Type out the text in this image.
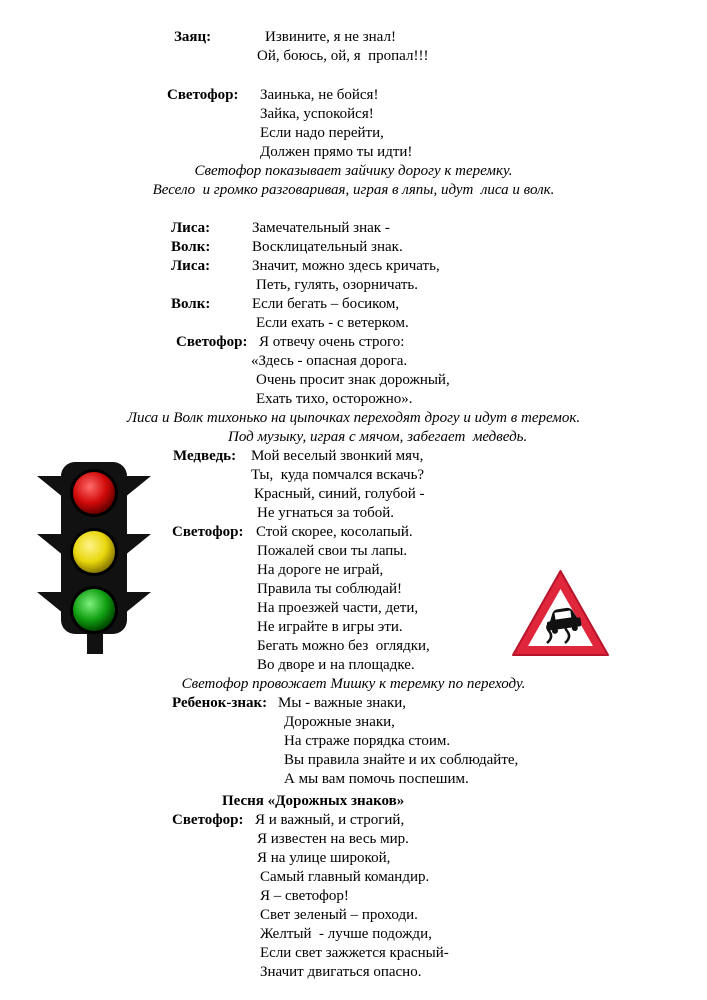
Заяц:	Извините, я не знал!
Ой, боюсь, ой, я  пропал!!!
Светофор: Заинька, не бойся!
Зайка, успокойся!
Если надо перейти,
Должен прямо ты идти!
Светофор показывает зайчику дорогу к теремку.
Весело  и громко разговаривая, играя в ляпы, идут  лиса и волк.
Лиса:	Замечательный знак -
Волк:	Восклицательный знак.
Лиса:	Значит, можно здесь кричать,
Петь, гулять, озорничать.
Волк:	Если бегать – босиком,
Если ехать - с ветерком.
Светофор: Я отвечу очень строго:
«Здесь - опасная дорога.
Очень просит знак дорожный,
Ехать тихо, осторожно».
Лиса и Волк тихонько на цыпочках переходят дрогу и идут в теремок.
Под музыку, играя с мячом, забегает  медведь.
Медведь: Мой веселый звонкий мяч,
Ты,  куда помчался вскачь?
Красный, синий, голубой -
Не угнаться за тобой.
Светофор: Стой скорее, косолапый.
Пожалей свои ты лапы.
На дороге не играй,
Правила ты соблюдай!
На проезжей части, дети,
Не играйте в игры эти.
Бегать можно без  оглядки,
Во дворе и на площадке.
Светофор провожает Мишку к теремку по переходу.
Ребенок-знак: Мы - важные знаки,
Дорожные знаки,
На страже порядка стоим.
Вы правила знайте и их соблюдайте,
А мы вам помочь поспешим.
Песня «Дорожных знаков»
Светофор: Я и важный, и строгий,
Я известен на весь мир.
Я на улице широкой,
Самый главный командир.
Я – светофор!
Свет зеленый – проходи.
Желтый  - лучше подожди,
Если свет зажжется красный-
Значит двигаться опасно.
